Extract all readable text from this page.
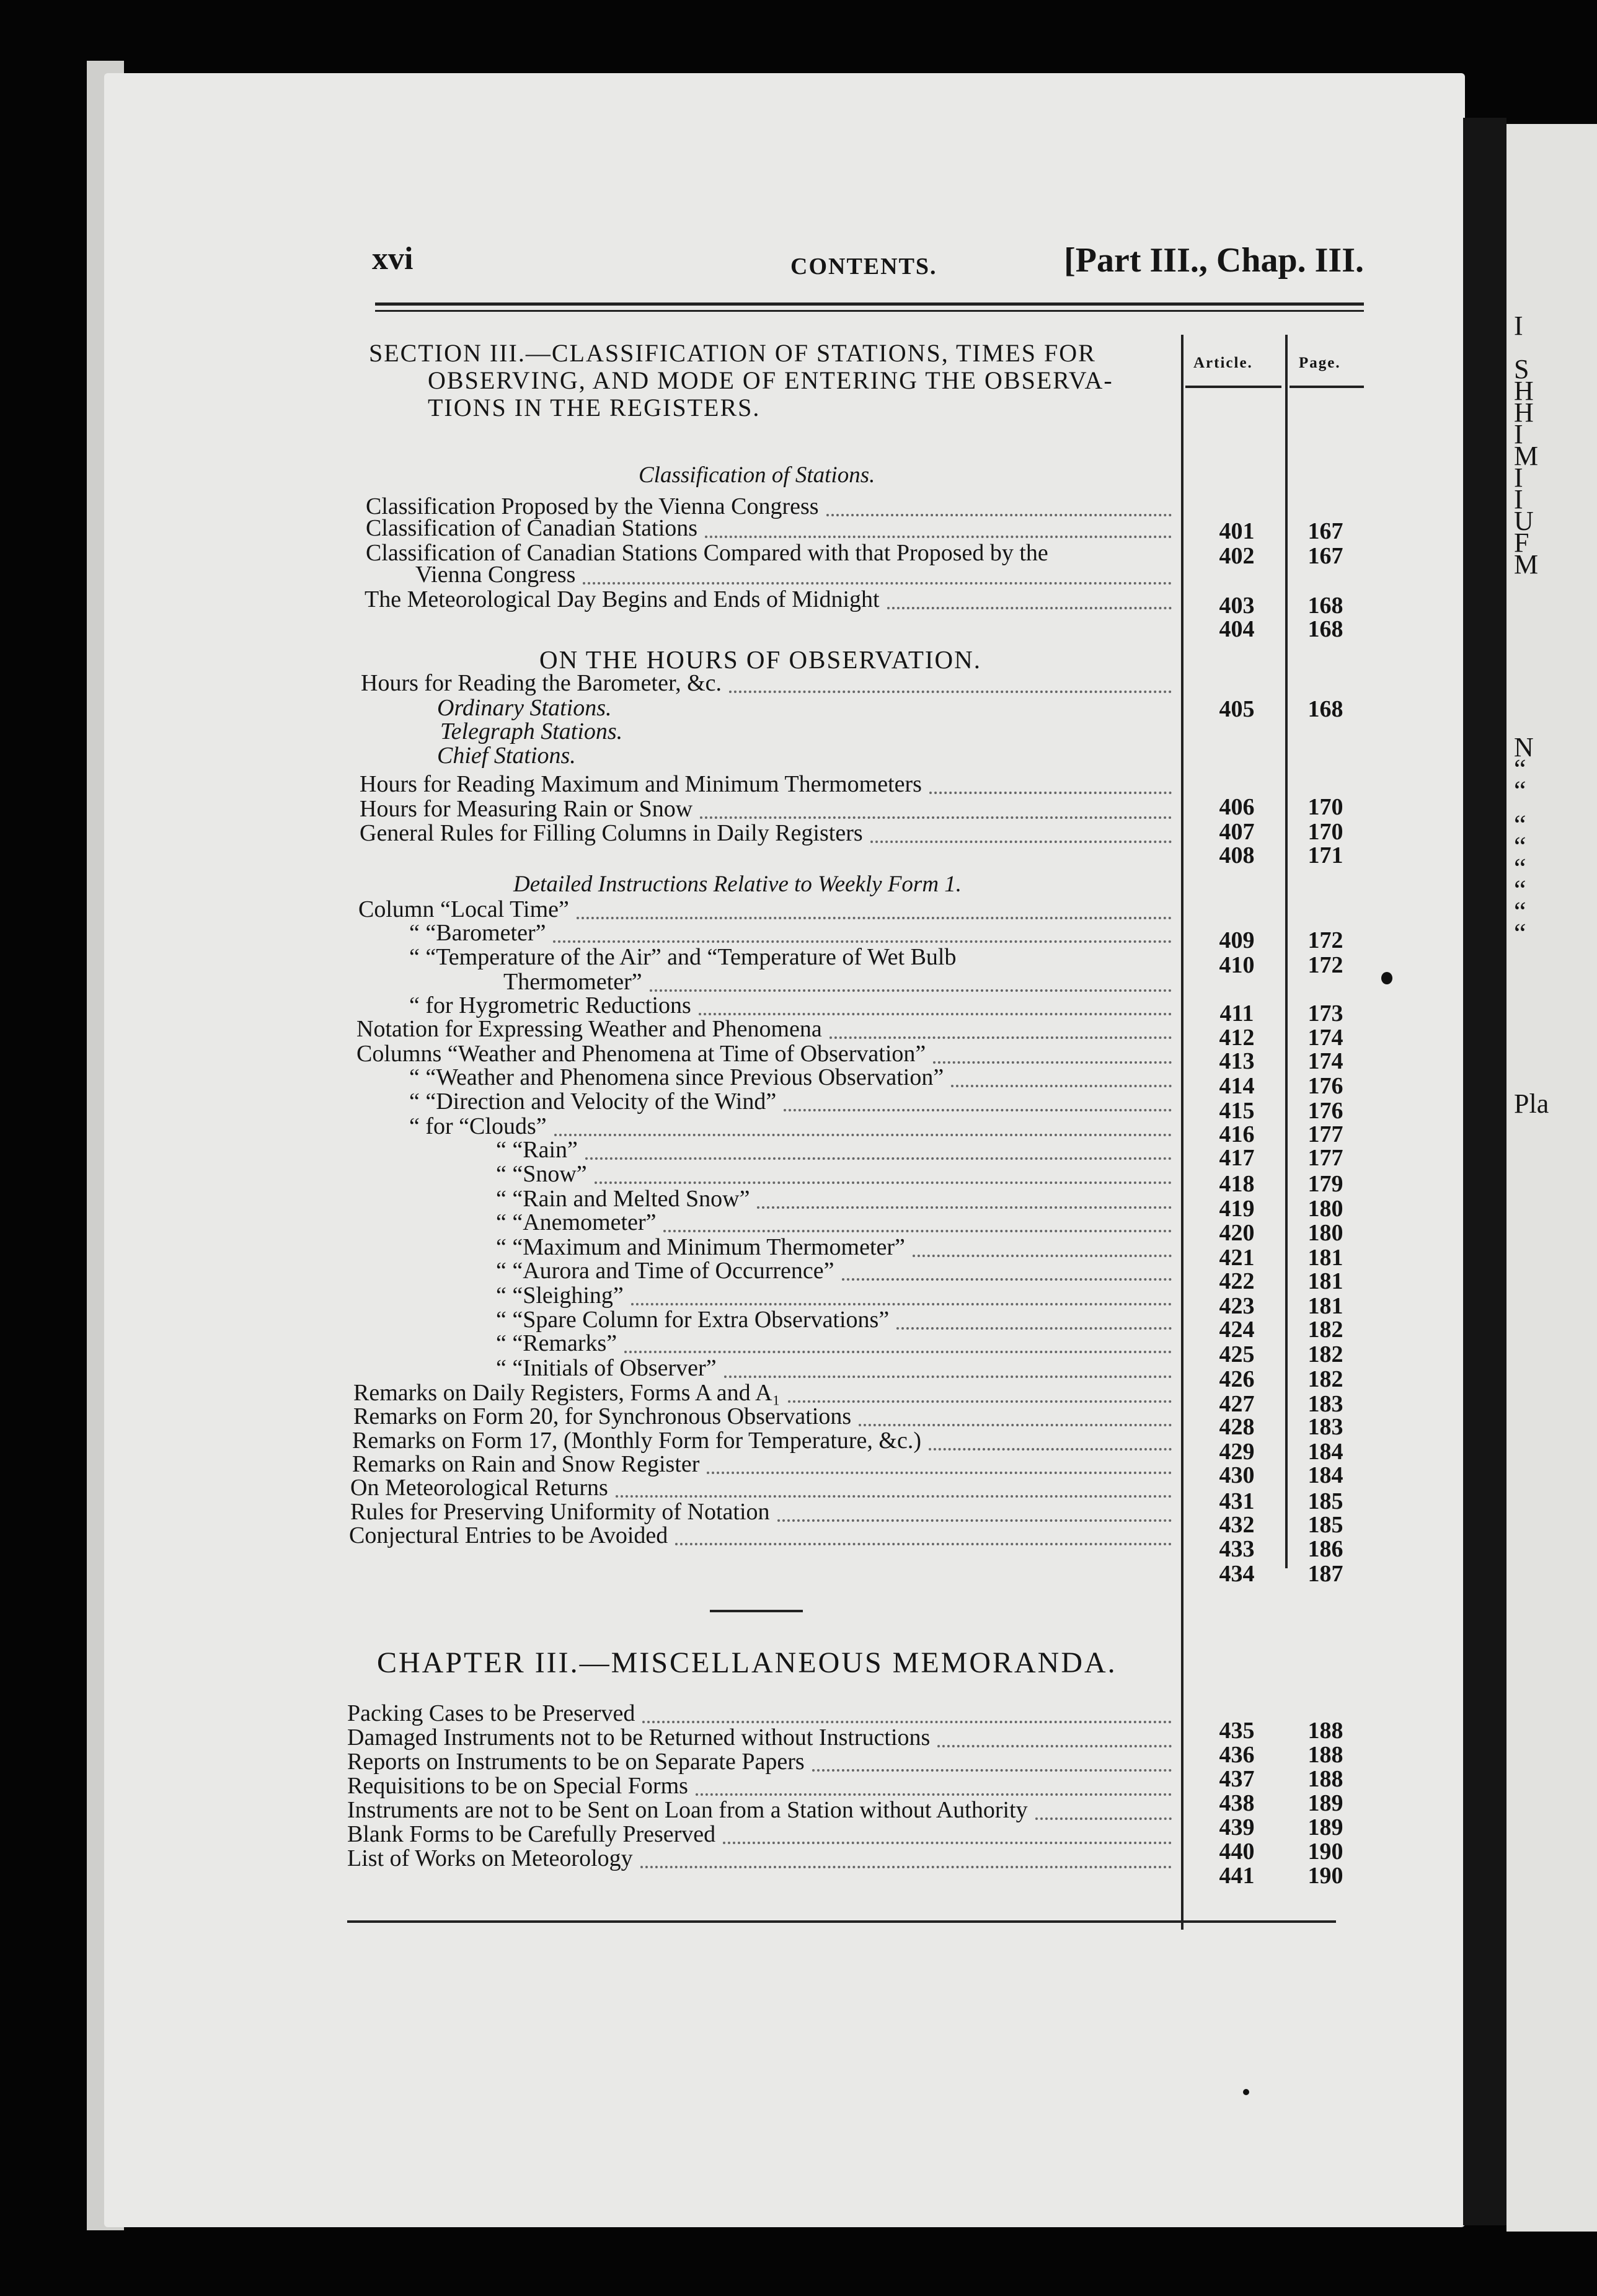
I
S
H
H
I
M
I
I
U
F
M
N
“
“
“
“
“
“
“
“
Pla
xvi	CONTENTS.	[Part III., Chap. III.
Article.	Page.
SECTION III.—CLASSIFICATION OF STATIONS, TIMES FOR
OBSERVING, AND MODE OF ENTERING THE OBSERVA-
TIONS IN THE REGISTERS.
Classification of Stations.
ON THE HOURS OF OBSERVATION.
Detailed Instructions Relative to Weekly Form 1.
Classification Proposed by the Vienna Congress
401	167
Classification of Canadian Stations
402	167
Classification of Canadian Stations Compared with that Proposed by the
Vienna Congress
403	168
The Meteorological Day Begins and Ends of Midnight
404	168
Hours for Reading the Barometer, &c.
405	168
Ordinary Stations.
Telegraph Stations.
Chief Stations.
Hours for Reading Maximum and Minimum Thermometers
406	170
Hours for Measuring Rain or Snow
407	170
General Rules for Filling Columns in Daily Registers
408	171
Column “Local Time”
409	172
“ “Barometer”
410	172
“ “Temperature of the Air” and “Temperature of Wet Bulb
Thermometer”
411	173
“ for Hygrometric Reductions
412	174
Notation for Expressing Weather and Phenomena
413	174
Columns “Weather and Phenomena at Time of Observation”
414	176
“ “Weather and Phenomena since Previous Observation”
415	176
“ “Direction and Velocity of the Wind”
416	177
“ for “Clouds”
417	177
“ “Rain”
418	179
“ “Snow”
419	180
“ “Rain and Melted Snow”
420	180
“ “Anemometer”
421	181
“ “Maximum and Minimum Thermometer”
422	181
“ “Aurora and Time of Occurrence”
423	181
“ “Sleighing”
424	182
“ “Spare Column for Extra Observations”
425	182
“ “Remarks”
426	182
“ “Initials of Observer”
427	183
Remarks on Daily Registers, Forms A and A₁
428	183
Remarks on Form 20, for Synchronous Observations
429	184
Remarks on Form 17, (Monthly Form for Temperature, &c.)
430	184
Remarks on Rain and Snow Register
431	185
On Meteorological Returns
432	185
Rules for Preserving Uniformity of Notation
433	186
Conjectural Entries to be Avoided
434	187
CHAPTER III.—MISCELLANEOUS MEMORANDA.
Packing Cases to be Preserved
435	188
Damaged Instruments not to be Returned without Instructions
436	188
Reports on Instruments to be on Separate Papers
437	188
Requisitions to be on Special Forms
438	189
Instruments are not to be Sent on Loan from a Station without Authority
439	189
Blank Forms to be Carefully Preserved
440	190
List of Works on Meteorology
441	190
